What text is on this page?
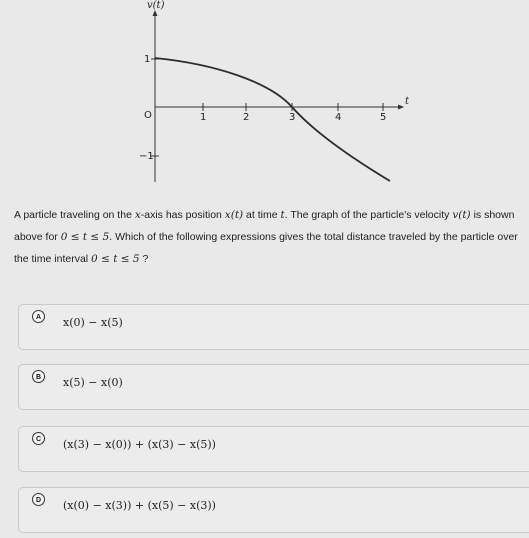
v(t)
t
O	1	2	3	4	5
1
−1
A particle traveling on the x-axis has position x(t) at time t. The graph of the particle's velocity v(t) is shown above for 0 ≤ t ≤ 5. Which of the following expressions gives the total distance traveled by the particle over the time interval 0 ≤ t ≤ 5 ?
A	x(0) − x(5)
B	x(5) − x(0)
C	(x(3) − x(0)) + (x(3) − x(5))
D	(x(0) − x(3)) + (x(5) − x(3))
